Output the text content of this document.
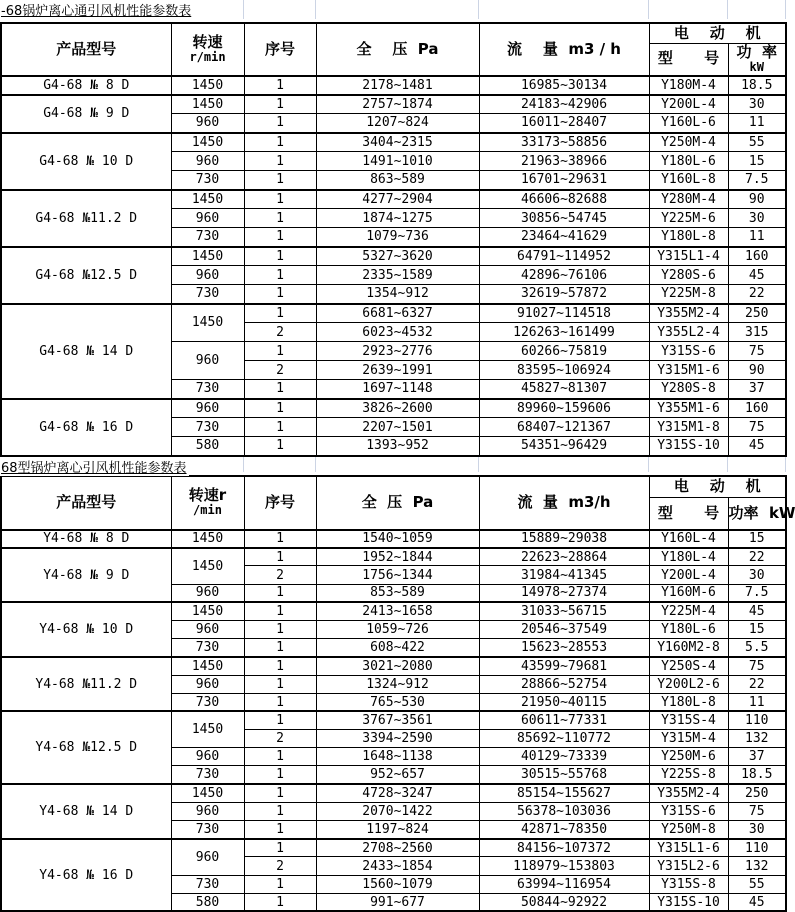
-68锅炉离心通引风机性能参数表
产品型号	转速
r/min	序号	全    压  Pa	流    量  m3 / h	电    动    机	
					型      号	功  率
kW

G4-68 № 8 D	1450	1	2178~1481	16985~30134	Y180M-4	18.5
G4-68 № 9 D	1450	1	2757~1874	24183~42906	Y200L-4	30
	960	1	1207~824	16011~28407	Y160L-6	11
G4-68 № 10 D	1450	1	3404~2315	33173~58856	Y250M-4	55
	960	1	1491~1010	21963~38966	Y180L-6	15
	730	1	863~589	16701~29631	Y160L-8	7.5
G4-68 №11.2 D	1450	1	4277~2904	46606~82688	Y280M-4	90
	960	1	1874~1275	30856~54745	Y225M-6	30
	730	1	1079~736	23464~41629	Y180L-8	11
G4-68 №12.5 D	1450	1	5327~3620	64791~114952	Y315L1-4	160
	960	1	2335~1589	42896~76106	Y280S-6	45
	730	1	1354~912	32619~57872	Y225M-8	22
G4-68 № 14 D	1450	1	6681~6327	91027~114518	Y355M2-4	250
		2	6023~4532	126263~161499	Y355L2-4	315
	960	1	2923~2776	60266~75819	Y315S-6	75
		2	2639~1991	83595~106924	Y315M1-6	90
	730	1	1697~1148	45827~81307	Y280S-8	37
G4-68 № 16 D	960	1	3826~2600	89960~159606	Y355M1-6	160
	730	1	2207~1501	68407~121367	Y315M1-8	75
	580	1	1393~952	54351~96429	Y315S-10	45
68型锅炉离心引风机性能参数表
产品型号	转速r
/min	序号	全  压  Pa	流  量  m3/h	电    动    机	
					型      号	功率  kW
Y4-68 № 8 D	1450	1	1540~1059	15889~29038	Y160L-4	15
Y4-68 № 9 D	1450	1	1952~1844	22623~28864	Y180L-4	22
		2	1756~1344	31984~41345	Y200L-4	30
	960	1	853~589	14978~27374	Y160M-6	7.5
Y4-68 № 10 D	1450	1	2413~1658	31033~56715	Y225M-4	45
	960	1	1059~726	20546~37549	Y180L-6	15
	730	1	608~422	15623~28553	Y160M2-8	5.5
Y4-68 №11.2 D	1450	1	3021~2080	43599~79681	Y250S-4	75
	960	1	1324~912	28866~52754	Y200L2-6	22
	730	1	765~530	21950~40115	Y180L-8	11
Y4-68 №12.5 D	1450	1	3767~3561	60611~77331	Y315S-4	110
		2	3394~2590	85692~110772	Y315M-4	132
	960	1	1648~1138	40129~73339	Y250M-6	37
	730	1	952~657	30515~55768	Y225S-8	18.5
Y4-68 № 14 D	1450	1	4728~3247	85154~155627	Y355M2-4	250
	960	1	2070~1422	56378~103036	Y315S-6	75
	730	1	1197~824	42871~78350	Y250M-8	30
Y4-68 № 16 D	960	1	2708~2560	84156~107372	Y315L1-6	110
		2	2433~1854	118979~153803	Y315L2-6	132
	730	1	1560~1079	63994~116954	Y315S-8	55
	580	1	991~677	50844~92922	Y315S-10	45
